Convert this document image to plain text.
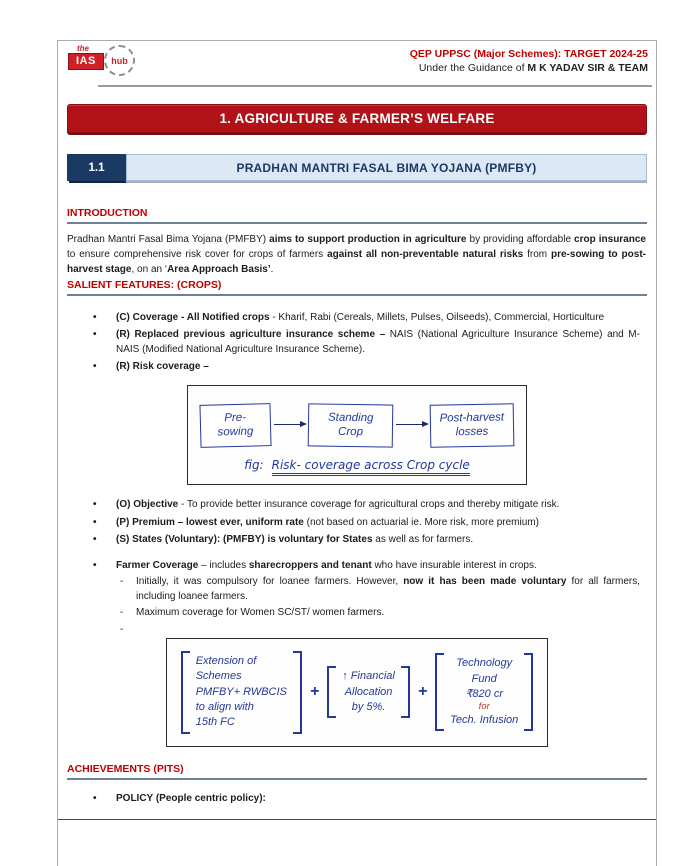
the
IAS	hub
QEP UPPSC (Major Schemes): TARGET 2024-25
Under the Guidance of M K YADAV SIR & TEAM
1. AGRICULTURE & FARMER’S WELFARE
1.1	PRADHAN MANTRI FASAL BIMA YOJANA (PMFBY)
INTRODUCTION

Pradhan Mantri Fasal Bima Yojana (PMFBY) aims to support production in agriculture by providing affordable crop insurance to ensure comprehensive risk cover for crops of farmers against all non-preventable natural risks from pre-sowing to post-harvest stage, on an ‘Area Approach Basis’.

SALIENT FEATURES: (CROPS)
• (C) Coverage - All Notified crops - Kharif, Rabi (Cereals, Millets, Pulses, Oilseeds), Commercial, Horticulture
• (R) Replaced previous agriculture insurance scheme – NAIS (National Agriculture Insurance Scheme) and M-NAIS (Modified National Agriculture Insurance Scheme).
• (R) Risk coverage –
Pre-sowing
Standing Crop
Post-harvest losses
fig: Risk- coverage across Crop cycle
• (O) Objective - To provide better insurance coverage for agricultural crops and thereby mitigate risk.
• (P) Premium – lowest ever, uniform rate (not based on actuarial ie. More risk, more premium)
• (S) States (Voluntary): (PMFBY) is voluntary for States as well as for farmers.
• Farmer Coverage – includes sharecroppers and tenant who have insurable interest in crops.
- Initially, it was compulsory for loanee farmers. However, now it has been made voluntary for all farmers, including loanee farmers.
- Maximum coverage for Women SC/ST/ women farmers.
-
Extension of
Schemes
PMFBY+ RWBCIS
to align with
15th FC
+
↑ Financial
Allocation
by 5%.
+
Technology
Fund
₹820 cr
for
Tech. Infusion
ACHIEVEMENTS (PITS)
• POLICY (People centric policy):
